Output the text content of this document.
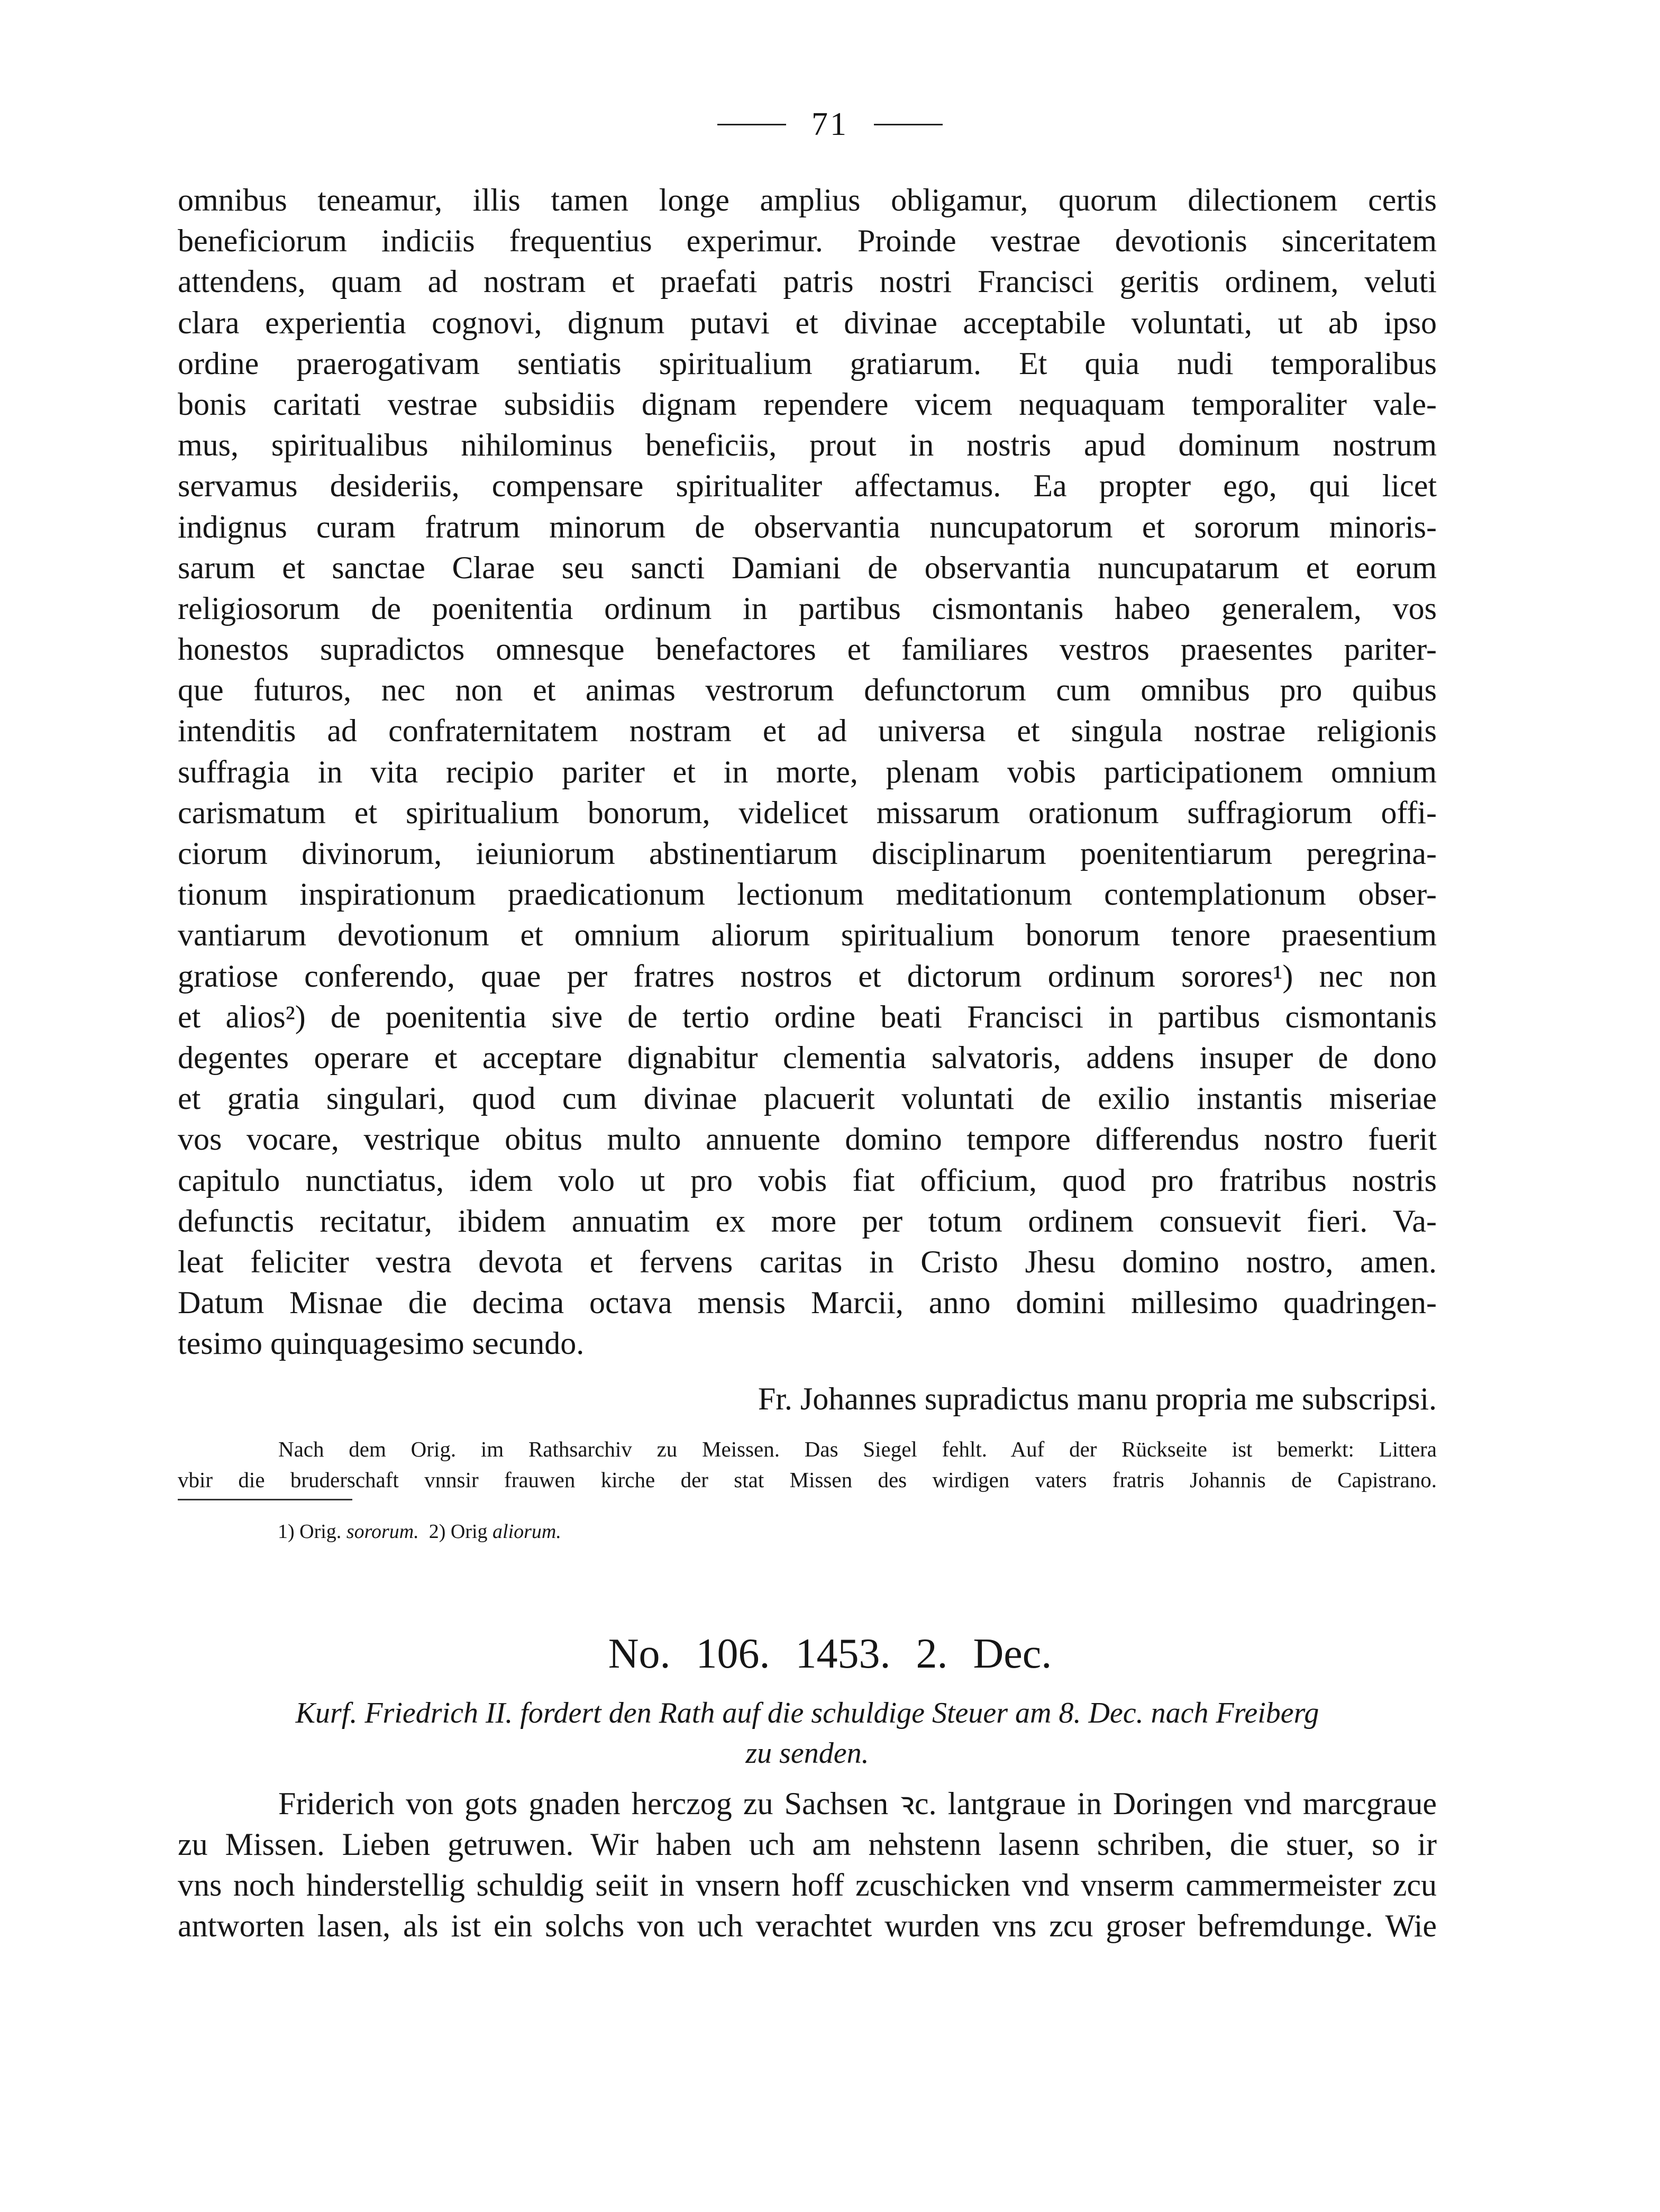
71
omnibus teneamur, illis tamen longe amplius obligamur, quorum dilectionem certis
beneficiorum indiciis frequentius experimur. Proinde vestrae devotionis sinceritatem
attendens, quam ad nostram et praefati patris nostri Francisci geritis ordinem, veluti
clara experientia cognovi, dignum putavi et divinae acceptabile voluntati, ut ab ipso
ordine praerogativam sentiatis spiritualium gratiarum. Et quia nudi temporalibus
bonis caritati vestrae subsidiis dignam rependere vicem nequaquam temporaliter vale-
mus, spiritualibus nihilominus beneficiis, prout in nostris apud dominum nostrum
servamus desideriis, compensare spiritualiter affectamus. Ea propter ego, qui licet
indignus curam fratrum minorum de observantia nuncupatorum et sororum minoris-
sarum et sanctae Clarae seu sancti Damiani de observantia nuncupatarum et eorum
religiosorum de poenitentia ordinum in partibus cismontanis habeo generalem, vos
honestos supradictos omnesque benefactores et familiares vestros praesentes pariter-
que futuros, nec non et animas vestrorum defunctorum cum omnibus pro quibus
intenditis ad confraternitatem nostram et ad universa et singula nostrae religionis
suffragia in vita recipio pariter et in morte, plenam vobis participationem omnium
carismatum et spiritualium bonorum, videlicet missarum orationum suffragiorum offi-
ciorum divinorum, ieiuniorum abstinentiarum disciplinarum poenitentiarum peregrina-
tionum inspirationum praedicationum lectionum meditationum contemplationum obser-
vantiarum devotionum et omnium aliorum spiritualium bonorum tenore praesentium
gratiose conferendo, quae per fratres nostros et dictorum ordinum sorores¹) nec non
et alios²) de poenitentia sive de tertio ordine beati Francisci in partibus cismontanis
degentes operare et acceptare dignabitur clementia salvatoris, addens insuper de dono
et gratia singulari, quod cum divinae placuerit voluntati de exilio instantis miseriae
vos vocare, vestrique obitus multo annuente domino tempore differendus nostro fuerit
capitulo nunctiatus, idem volo ut pro vobis fiat officium, quod pro fratribus nostris
defunctis recitatur, ibidem annuatim ex more per totum ordinem consuevit fieri. Va-
leat feliciter vestra devota et fervens caritas in Cristo Jhesu domino nostro, amen.
Datum Misnae die decima octava mensis Marcii, anno domini millesimo quadringen-
tesimo quinquagesimo secundo.
Fr. Johannes supradictus manu propria me subscripsi.
Nach dem Orig. im Rathsarchiv zu Meissen. Das Siegel fehlt. Auf der Rückseite ist bemerkt: Littera
vbir die bruderschaft vnnsir frauwen kirche der stat Missen des wirdigen vaters fratris Johannis de Capistrano.
1) Orig. sororum. 2) Orig aliorum.
No. 106. 1453. 2. Dec.
Kurf. Friedrich II. fordert den Rath auf die schuldige Steuer am 8. Dec. nach Freiberg
zu senden.
Friderich von gots gnaden herczog zu Sachsen ꝛc. lantgraue in Doringen vnd marcgraue
zu Missen. Lieben getruwen. Wir haben uch am nehstenn lasenn schriben, die stuer, so ir
vns noch hinderstellig schuldig seiit in vnsern hoff zcuschicken vnd vnserm cammermeister zcu
antworten lasen, als ist ein solchs von uch verachtet wurden vns zcu groser befremdunge. Wie
